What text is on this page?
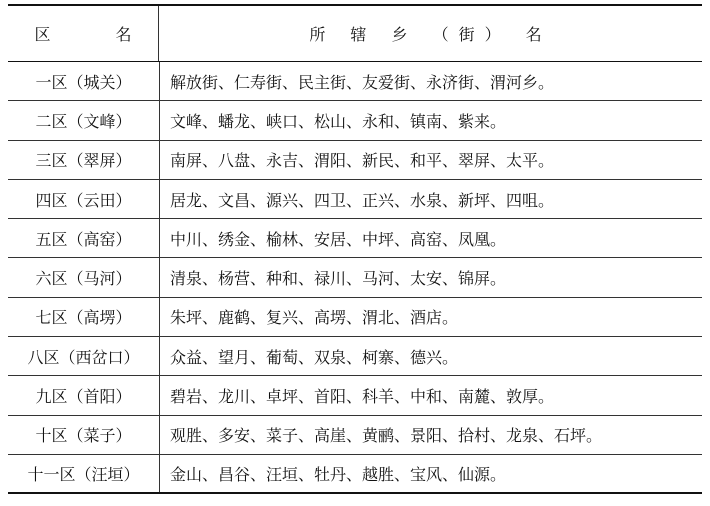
区 名	所 辖 乡 （街） 名
一区（城关）	解放街、仁寿街、民主街、友爱街、永济街、渭河乡。
二区（文峰）	文峰、蟠龙、峡口、松山、永和、镇南、紫来。
三区（翠屏）	南屏、八盘、永吉、渭阳、新民、和平、翠屏、太平。
四区（云田）	居龙、文昌、源兴、四卫、正兴、水泉、新坪、四咀。
五区（高窑）	中川、绣金、榆林、安居、中坪、高窑、凤凰。
六区（马河）	清泉、杨营、种和、禄川、马河、太安、锦屏。
七区（高塄）	朱坪、鹿鹤、复兴、高塄、渭北、酒店。
八区（西岔口）	众益、望月、葡萄、双泉、柯寨、德兴。
九区（首阳）	碧岩、龙川、卓坪、首阳、科羊、中和、南麓、敦厚。
十区（菜子）	观胜、多安、菜子、高崖、黄鹂、景阳、拾村、龙泉、石坪。
十一区（汪垣）	金山、昌谷、汪垣、牡丹、越胜、宝风、仙源。
